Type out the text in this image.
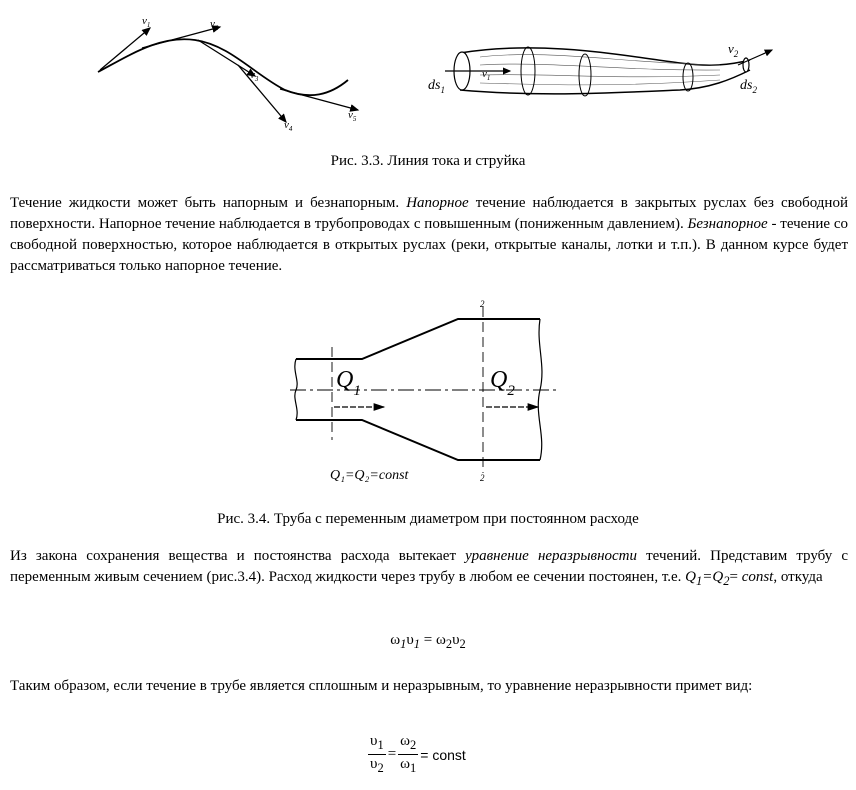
$v_1$	$v_2$
$v_3$
$v_4$
$v_5$
$ds_1$
$v_1$
$v_2$
$ds_2$
Рис. 3.3. Линия тока и струйка

Течение жидкости может быть напорным и безнапорным. Напорное течение наблюдается в закрытых руслах без свободной поверхности. Напорное течение наблюдается в трубопроводах с повышенным (пониженным давлением). Безнапорное - течение со свободной поверхностью, которое наблюдается в открытых руслах (реки, открытые каналы, лотки и т.п.). В данном курсе будет рассматриваться только напорное течение.

2
2
$Q_1$	$Q_2$
Q₁=Q₂=const
Рис. 3.4. Труба с переменным диаметром при постоянном расходе

Из закона сохранения вещества и постоянства расхода вытекает уравнение неразрывности течений. Представим трубу с переменным живым сечением (рис.3.4). Расход жидкости через трубу в любом ее сечении постоянен, т.е. $Q_1=Q_2=$ const, откуда

$\omega_1\upsilon_1 = \omega_2\upsilon_2$

Таким образом, если течение в трубе является сплошным и неразрывным, то уравнение неразрывности примет вид:

$\frac{\upsilon_1}{\upsilon_2} = \frac{\omega_2}{\omega_1}$ = const
